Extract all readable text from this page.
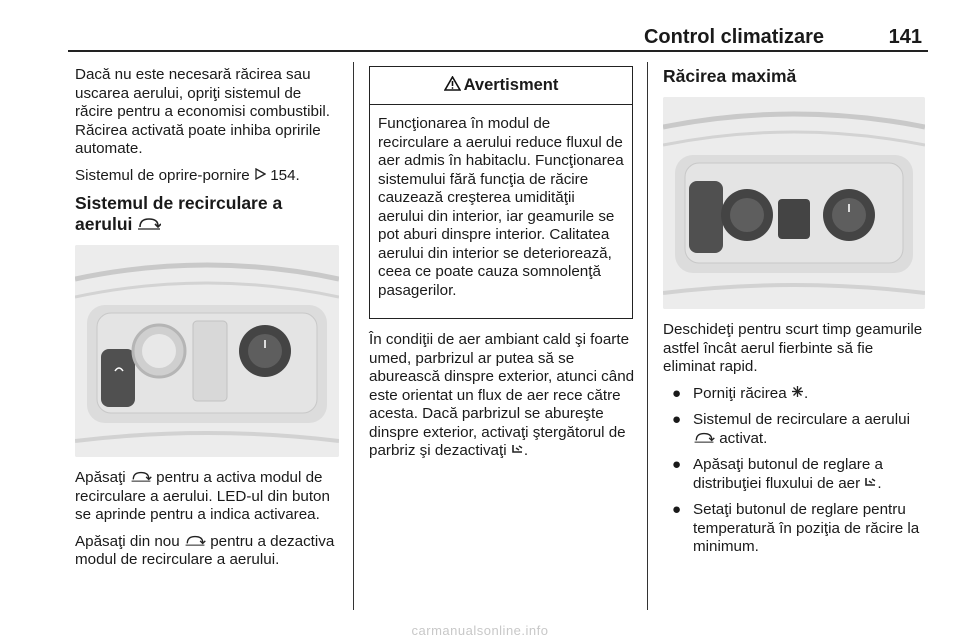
Control climatizare	141

Dacă nu este necesară răcirea sau uscarea aerului, opriţi sistemul de răcire pentru a economisi combustibil. Răcirea activată poate inhiba opririle automate.

Sistemul de oprire-pornire 154.

Sistemul de recirculare a aerului

Apăsaţi pentru a activa modul de recirculare a aerului. LED-ul din buton se aprinde pentru a indica activarea.

Apăsaţi din nou pentru a dezactiva modul de recirculare a aerului.

Avertisment
Funcţionarea în modul de recirculare a aerului reduce fluxul de aer admis în habitaclu. Funcţionarea sistemului fără funcţia de răcire cauzează creşterea umidităţii aerului din interior, iar geamurile se pot aburi dinspre interior. Calitatea aerului din interior se deteriorează, ceea ce poate cauza somnolenţă pasagerilor.

În condiţii de aer ambiant cald şi foarte umed, parbrizul ar putea să se aburească dinspre exterior, atunci când este orientat un flux de aer rece către acesta. Dacă parbrizul se abureşte dinspre exterior, activaţi ştergătorul de parbriz şi dezactivaţi .

Răcirea maximă

Deschideţi pentru scurt timp geamurile astfel încât aerul fierbinte să fie eliminat rapid.

● Porniţi răcirea .
● Sistemul de recirculare a aerului  activat.
● Apăsaţi butonul de reglare a distribuţiei fluxului de aer .
● Setaţi butonul de reglare pentru temperatură în poziţia de răcire la minimum.
carmanualsonline.info
